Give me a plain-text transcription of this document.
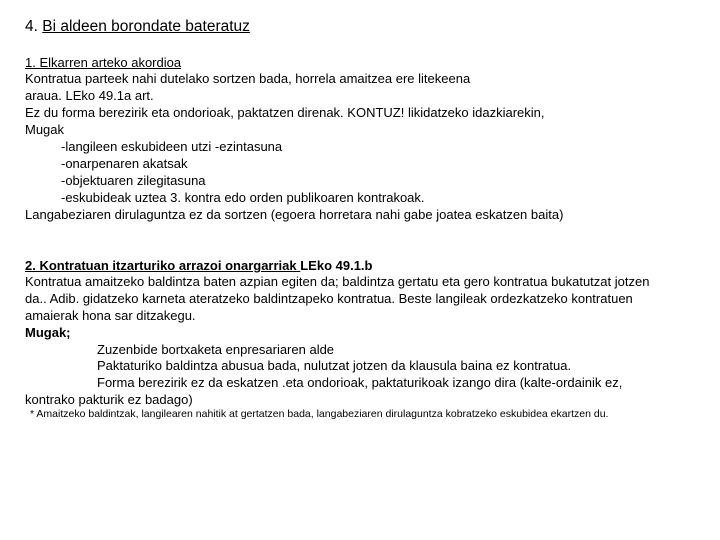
4. Bi aldeen borondate bateratuz
1. Elkarren arteko akordioa
Kontratua parteek nahi dutelako sortzen bada, horrela amaitzea ere litekeena
araua. LEko 49.1a art.
Ez du forma berezirik eta ondorioak, paktatzen direnak. KONTUZ! likidatzeko idazkiarekin,
Mugak
-langileen eskubideen utzi -ezintasuna
-onarpenaren akatsak
-objektuaren zilegitasuna
-eskubideak uztea 3. kontra edo orden publikoaren kontrakoak.
Langabeziaren dirulaguntza ez da sortzen (egoera horretara nahi gabe joatea eskatzen baita)
2. Kontratuan itzarturiko arrazoi onargarriak LEko 49.1.b
Kontratua amaitzeko baldintza baten azpian egiten da; baldintza gertatu eta gero kontratua bukatutzat jotzen
da.. Adib. gidatzeko karneta ateratzeko baldintzapeko kontratua. Beste langileak ordezkatzeko kontratuen
amaierak hona sar ditzakegu.
Mugak;
Zuzenbide bortxaketa enpresariaren alde
Paktaturiko baldintza abusua bada, nulutzat jotzen da klausula baina ez kontratua.
Forma berezirik ez da eskatzen .eta ondorioak, paktaturikoak izango dira (kalte-ordainik ez,
kontrako pakturik ez badago)
* Amaitzeko baldintzak, langilearen nahitik at gertatzen bada, langabeziaren dirulaguntza kobratzeko eskubidea ekartzen du.
